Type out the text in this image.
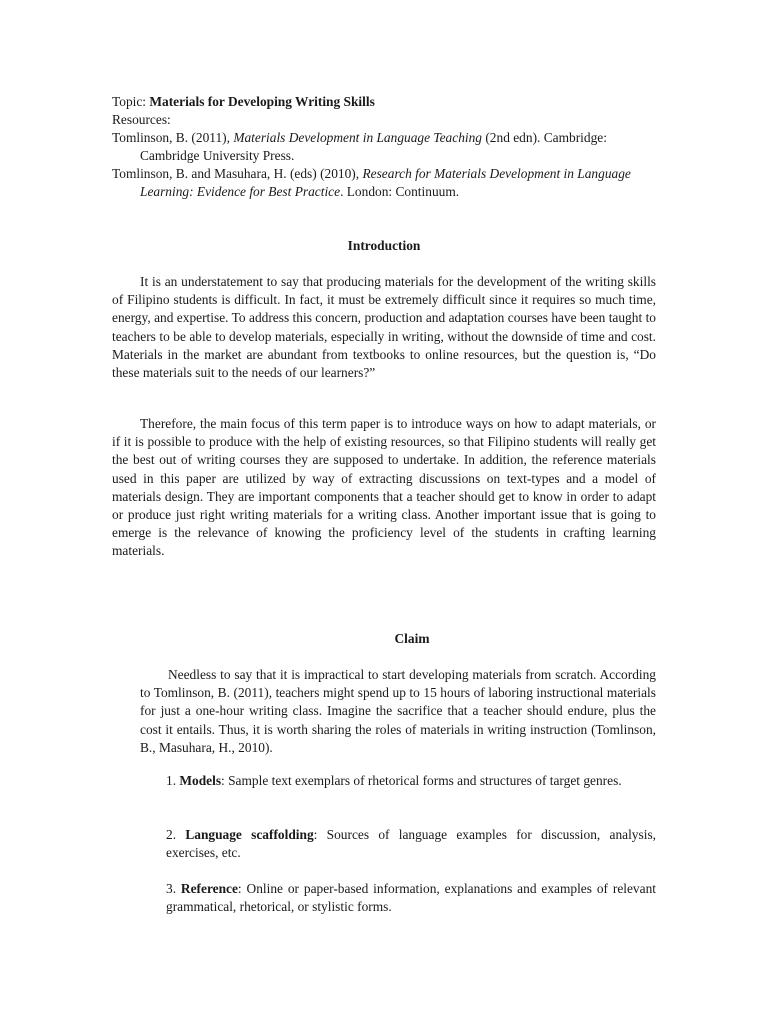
Topic: Materials for Developing Writing Skills
Resources:
Tomlinson, B. (2011), Materials Development in Language Teaching (2nd edn). Cambridge: Cambridge University Press.
Tomlinson, B. and Masuhara, H. (eds) (2010), Research for Materials Development in Language Learning: Evidence for Best Practice. London: Continuum.
Introduction

It is an understatement to say that producing materials for the development of the writing skills of Filipino students is difficult. In fact, it must be extremely difficult since it requires so much time, energy, and expertise. To address this concern, production and adaptation courses have been taught to teachers to be able to develop materials, especially in writing, without the downside of time and cost. Materials in the market are abundant from textbooks to online resources, but the question is, “Do these materials suit to the needs of our learners?”

Therefore, the main focus of this term paper is to introduce ways on how to adapt materials, or if it is possible to produce with the help of existing resources, so that Filipino students will really get the best out of writing courses they are supposed to undertake. In addition, the reference materials used in this paper are utilized by way of extracting discussions on text-types and a model of materials design. They are important components that a teacher should get to know in order to adapt or produce just right writing materials for a writing class. Another important issue that is going to emerge is the relevance of knowing the proficiency level of the students in crafting learning materials.

Claim

Needless to say that it is impractical to start developing materials from scratch. According to Tomlinson, B. (2011), teachers might spend up to 15 hours of laboring instructional materials for just a one-hour writing class. Imagine the sacrifice that a teacher should endure, plus the cost it entails. Thus, it is worth sharing the roles of materials in writing instruction (Tomlinson, B., Masuhara, H., 2010).

1. Models: Sample text exemplars of rhetorical forms and structures of target genres.
2. Language scaffolding: Sources of language examples for discussion, analysis, exercises, etc.
3. Reference: Online or paper-based information, explanations and examples of relevant grammatical, rhetorical, or stylistic forms.
